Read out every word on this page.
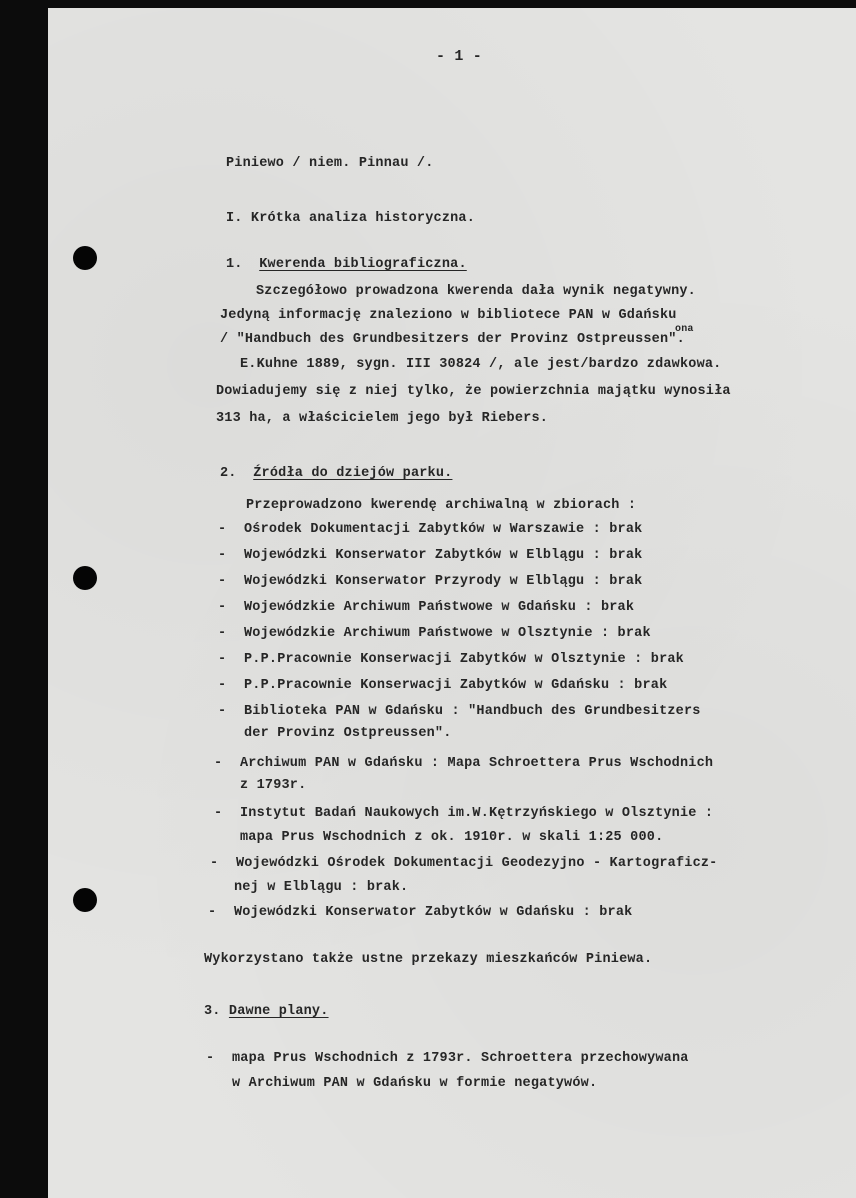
- 1 -
Piniewo / niem. Pinnau /.
I. Krótka analiza historyczna.
1. Kwerenda bibliograficzna.
Szczegółowo prowadzona kwerenda dała wynik negatywny.
Jedyną informację znaleziono w bibliotece PAN w Gdańsku
ona
/ "Handbuch des Grundbesitzers der Provinz Ostpreussen".
E.Kuhne 1889, sygn. III 30824 /, ale jest/bardzo zdawkowa.
Dowiadujemy się z niej tylko, że powierzchnia majątku wynosiła
313 ha, a właścicielem jego był Riebers.
2. Źródła do dziejów parku.
Przeprowadzono kwerendę archiwalną w zbiorach :
- Ośrodek Dokumentacji Zabytków w Warszawie : brak
- Wojewódzki Konserwator Zabytków w Elblągu : brak
- Wojewódzki Konserwator Przyrody w Elblągu : brak
- Wojewódzkie Archiwum Państwowe w Gdańsku : brak
- Wojewódzkie Archiwum Państwowe w Olsztynie : brak
- P.P.Pracownie Konserwacji Zabytków w Olsztynie : brak
- P.P.Pracownie Konserwacji Zabytków w Gdańsku : brak
- Biblioteka PAN w Gdańsku : "Handbuch des Grundbesitzers
der Provinz Ostpreussen".
- Archiwum PAN w Gdańsku : Mapa Schroettera Prus Wschodnich
z 1793r.
- Instytut Badań Naukowych im.W.Kętrzyńskiego w Olsztynie :
mapa Prus Wschodnich z ok. 1910r. w skali 1:25 000.
- Wojewódzki Ośrodek Dokumentacji Geodezyjno - Kartograficz-
nej w Elblągu : brak.
- Wojewódzki Konserwator Zabytków w Gdańsku : brak
Wykorzystano także ustne przekazy mieszkańców Piniewa.
3. Dawne plany.
- mapa Prus Wschodnich z 1793r. Schroettera przechowywana
w Archiwum PAN w Gdańsku w formie negatywów.
